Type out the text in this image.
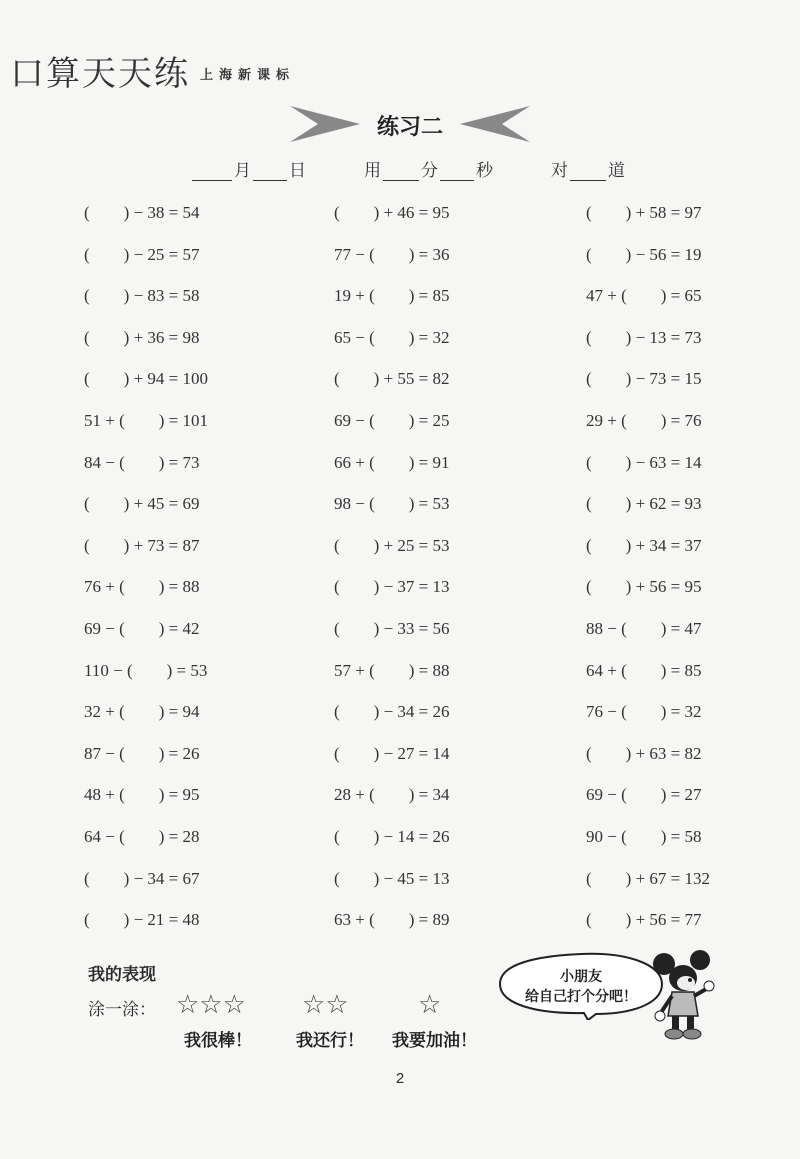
口算天天练 上海新课标
练习二
月 日	用 分 秒	对 道
(　　) − 38 = 54	(　　) + 46 = 95	(　　) + 58 = 97
(　　) − 25 = 57	77 − (　　) = 36	(　　) − 56 = 19
(　　) − 83 = 58	19 + (　　) = 85	47 + (　　) = 65
(　　) + 36 = 98	65 − (　　) = 32	(　　) − 13 = 73
(　　) + 94 = 100	(　　) + 55 = 82	(　　) − 73 = 15
51 + (　　) = 101	69 − (　　) = 25	29 + (　　) = 76
84 − (　　) = 73	66 + (　　) = 91	(　　) − 63 = 14
(　　) + 45 = 69	98 − (　　) = 53	(　　) + 62 = 93
(　　) + 73 = 87	(　　) + 25 = 53	(　　) + 34 = 37
76 + (　　) = 88	(　　) − 37 = 13	(　　) + 56 = 95
69 − (　　) = 42	(　　) − 33 = 56	88 − (　　) = 47
110 − (　　) = 53	57 + (　　) = 88	64 + (　　) = 85
32 + (　　) = 94	(　　) − 34 = 26	76 − (　　) = 32
87 − (　　) = 26	(　　) − 27 = 14	(　　) + 63 = 82
48 + (　　) = 95	28 + (　　) = 34	69 − (　　) = 27
64 − (　　) = 28	(　　) − 14 = 26	90 − (　　) = 58
(　　) − 34 = 67	(　　) − 45 = 13	(　　) + 67 = 132
(　　) − 21 = 48	63 + (　　) = 89	(　　) + 56 = 77
我的表现
涂一涂： ☆☆☆ ☆☆	☆
我很棒！	我还行！ 我要加油！
小朋友
给自己打个分吧！
2
